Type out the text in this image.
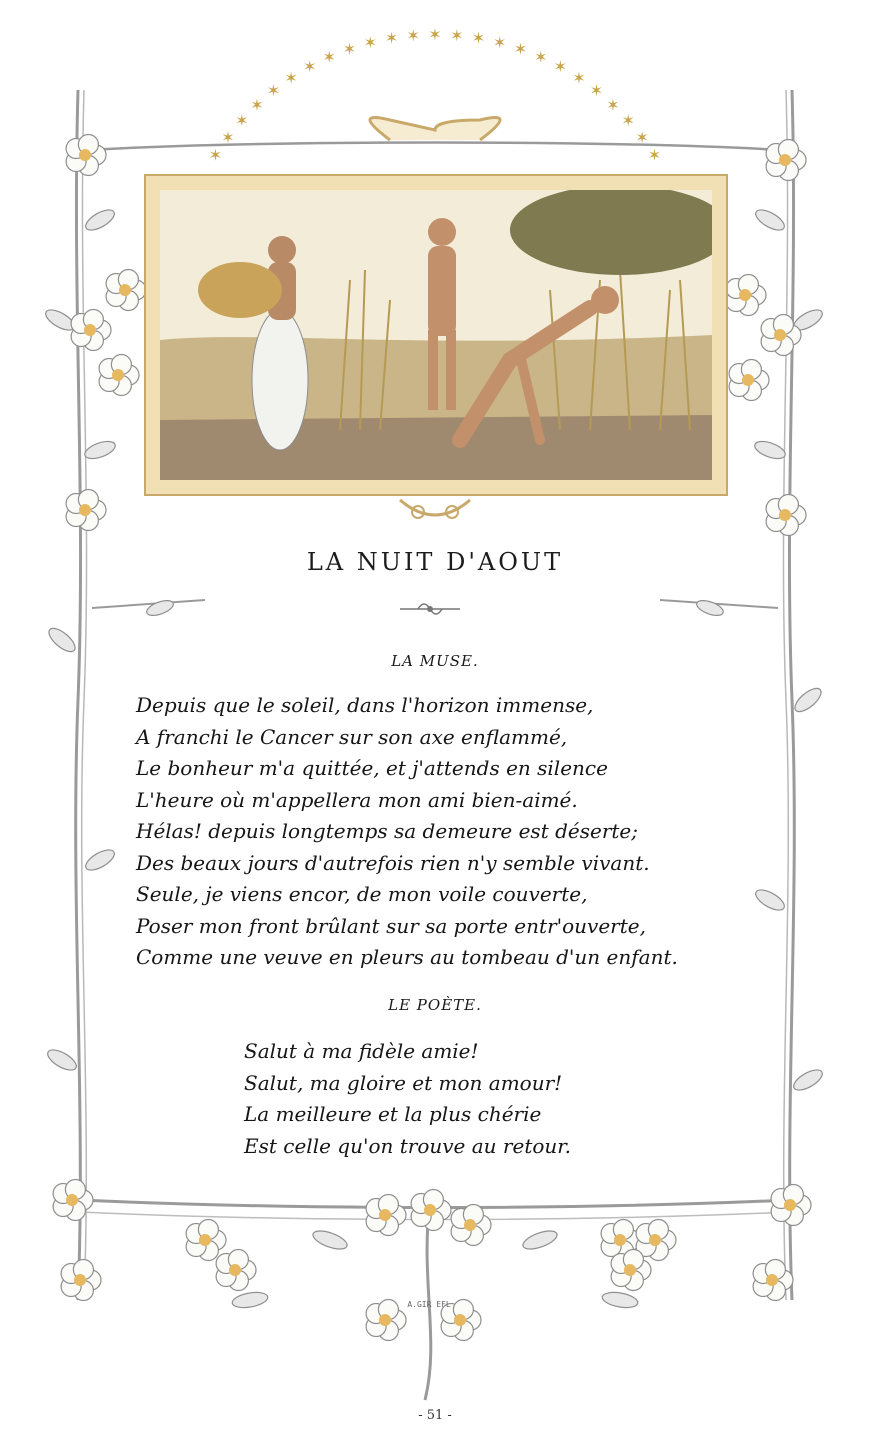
✶
✶
✶
✶
✶
✶
✶
✶ ✶ ✶ ✶ ✶ ✶ ✶ ✶ ✶ ✶ ✶
✶
✶
✶
✶
✶
✶
✶
LA NUIT D'AOUT
LA MUSE.
Depuis que le soleil, dans l'horizon immense,
A franchi le Cancer sur son axe enflammé,
Le bonheur m'a quittée, et j'attends en silence
L'heure où m'appellera mon ami bien-aimé.
Hélas! depuis longtemps sa demeure est déserte;
Des beaux jours d'autrefois rien n'y semble vivant.
Seule, je viens encor, de mon voile couverte,
Poser mon front brûlant sur sa porte entr'ouverte,
Comme une veuve en pleurs au tombeau d'un enfant.
LE POÈTE.
Salut à ma fidèle amie!
Salut, ma gloire et mon amour!
La meilleure et la plus chérie
Est celle qu'on trouve au retour.
A.GIR EFL
- 51 -
